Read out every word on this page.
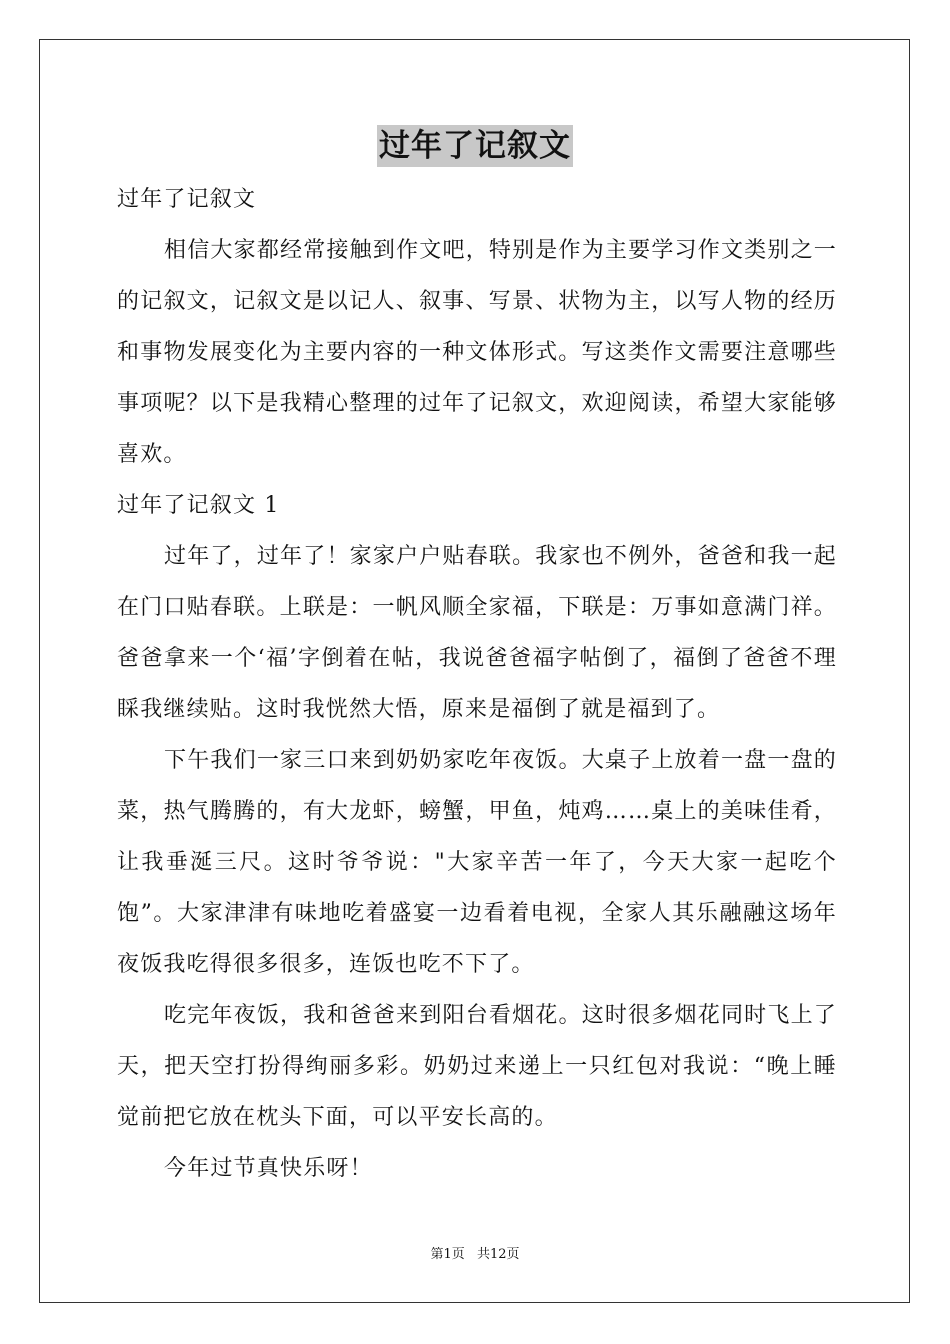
过年了记叙文
过年了记叙文

相信大家都经常接触到作文吧，特别是作为主要学习作文类别之一的记叙文，记叙文是以记人、叙事、写景、状物为主，以写人物的经历和事物发展变化为主要内容的一种文体形式。写这类作文需要注意哪些事项呢？以下是我精心整理的过年了记叙文，欢迎阅读，希望大家能够喜欢。

过年了记叙文 1

过年了，过年了！家家户户贴春联。我家也不例外，爸爸和我一起在门口贴春联。上联是：一帆风顺全家福，下联是：万事如意满门祥。爸爸拿来一个‘福’字倒着在帖，我说爸爸福字帖倒了，福倒了爸爸不理睬我继续贴。这时我恍然大悟，原来是福倒了就是福到了。

下午我们一家三口来到奶奶家吃年夜饭。大桌子上放着一盘一盘的菜，热气腾腾的，有大龙虾，螃蟹，甲鱼，炖鸡……桌上的美味佳肴，让我垂涎三尺。这时爷爷说："大家辛苦一年了，今天大家一起吃个饱”。大家津津有味地吃着盛宴一边看着电视，全家人其乐融融这场年夜饭我吃得很多很多，连饭也吃不下了。

吃完年夜饭，我和爸爸来到阳台看烟花。这时很多烟花同时飞上了天，把天空打扮得绚丽多彩。奶奶过来递上一只红包对我说：“晚上睡觉前把它放在枕头下面，可以平安长高的。

今年过节真快乐呀！

第1页 共12页
